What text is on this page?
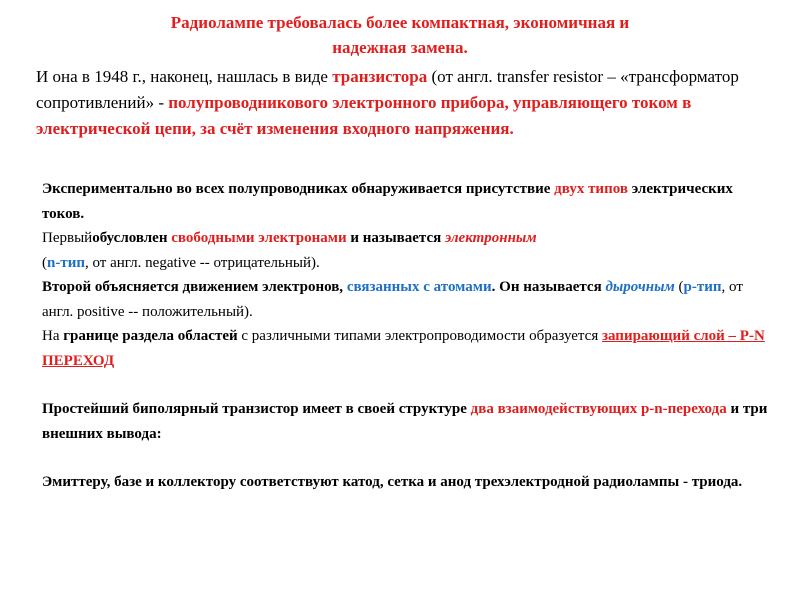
Радиолампе требовалась более компактная, экономичная и
надежная замена.
И она в 1948 г., наконец, нашлась в виде транзистора (от англ. transfer resistor – «трансформатор сопротивлений» - полупроводникового электронного прибора, управляющего током в электрической цепи, за счёт изменения входного напряжения.
Экспериментально во всех полупроводниках обнаруживается присутствие двух типов электрических токов.
Первыйобусловлен свободными электронами и называется электронным
(n-тип, от англ. negative -- отрицательный).
Второй объясняется движением электронов, связанных с атомами. Он называется дырочным (р-тип, от англ. positive -- положительный).
На границе раздела областей с различными типами электропроводимости образуется запирающий слой – P-N ПЕРЕХОД
Простейший биполярный транзистор имеет в своей структуре два взаимодействующих p-n-перехода и три внешних вывода:
Эмиттеру, базе и коллектору соответствуют катод, сетка и анод трехэлектродной радиолампы - триода.
